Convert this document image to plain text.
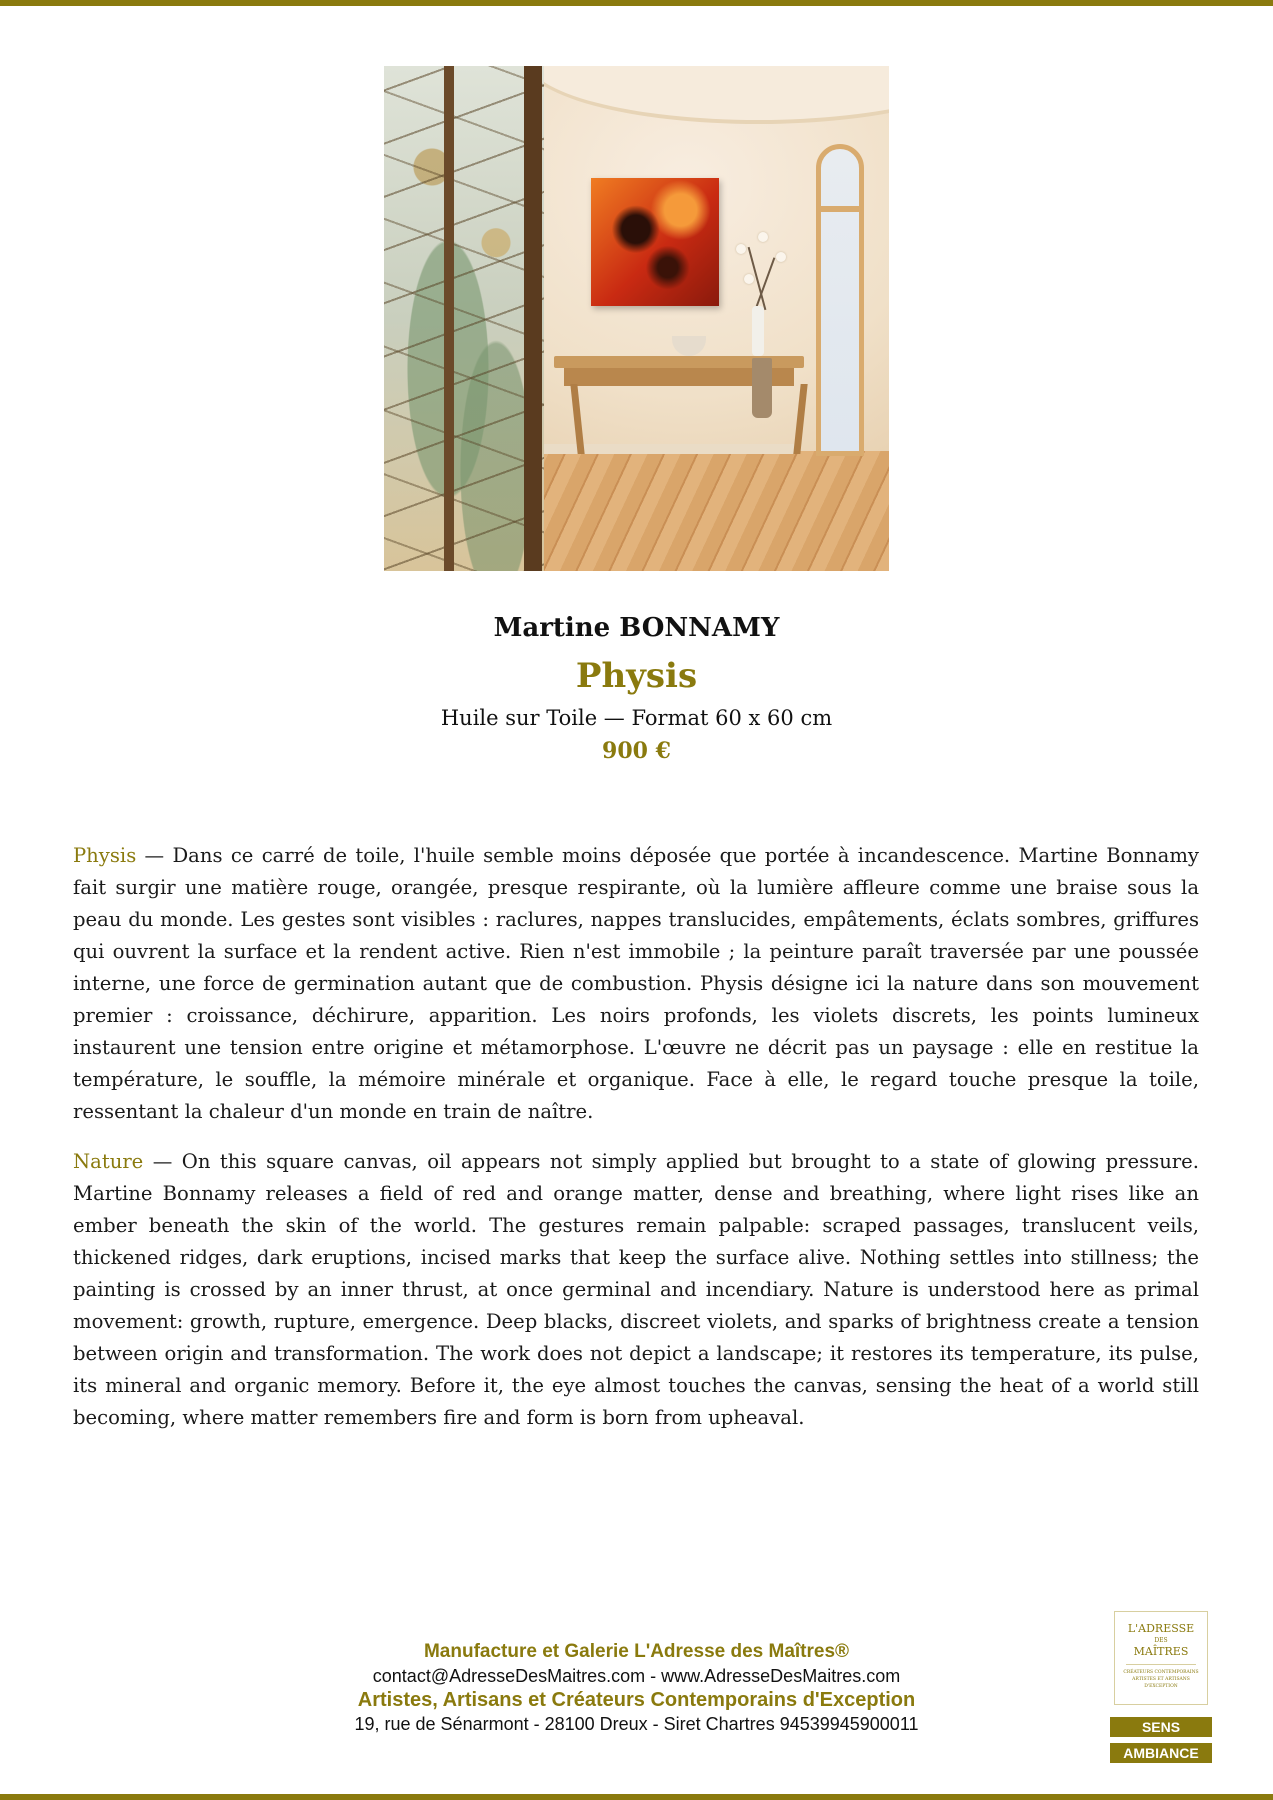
Martine BONNAMY
Physis
Huile sur Toile — Format 60 x 60 cm
900 €

Physis — Dans ce carré de toile, l'huile semble moins déposée que portée à incandescence. Martine Bonnamy fait surgir une matière rouge, orangée, presque respirante, où la lumière affleure comme une braise sous la peau du monde. Les gestes sont visibles : raclures, nappes translucides, empâtements, éclats sombres, griffures qui ouvrent la surface et la rendent active. Rien n'est immobile ; la peinture paraît traversée par une poussée interne, une force de germination autant que de combustion. Physis désigne ici la nature dans son mouvement premier : croissance, déchirure, apparition. Les noirs profonds, les violets discrets, les points lumineux instaurent une tension entre origine et métamorphose. L'œuvre ne décrit pas un paysage : elle en restitue la température, le souffle, la mémoire minérale et organique. Face à elle, le regard touche presque la toile, ressentant la chaleur d'un monde en train de naître.

Nature — On this square canvas, oil appears not simply applied but brought to a state of glowing pressure. Martine Bonnamy releases a field of red and orange matter, dense and breathing, where light rises like an ember beneath the skin of the world. The gestures remain palpable: scraped passages, translucent veils, thickened ridges, dark eruptions, incised marks that keep the surface alive. Nothing settles into stillness; the painting is crossed by an inner thrust, at once germinal and incendiary. Nature is understood here as primal movement: growth, rupture, emergence. Deep blacks, discreet violets, and sparks of brightness create a tension between origin and transformation. The work does not depict a landscape; it restores its temperature, its pulse, its mineral and organic memory. Before it, the eye almost touches the canvas, sensing the heat of a world still becoming, where matter remembers fire and form is born from upheaval.

Manufacture et Galerie L'Adresse des Maîtres®
contact@AdresseDesMaitres.com - www.AdresseDesMaitres.com
Artistes, Artisans et Créateurs Contemporains d'Exception
19, rue de Sénarmont - 28100 Dreux - Siret Chartres 94539945900011
L'ADRESSE
DES
MAÎTRES
CRÉATEURS CONTEMPORAINS ARTISTES ET ARTISANS D'EXCEPTION
SENS
AMBIANCE
